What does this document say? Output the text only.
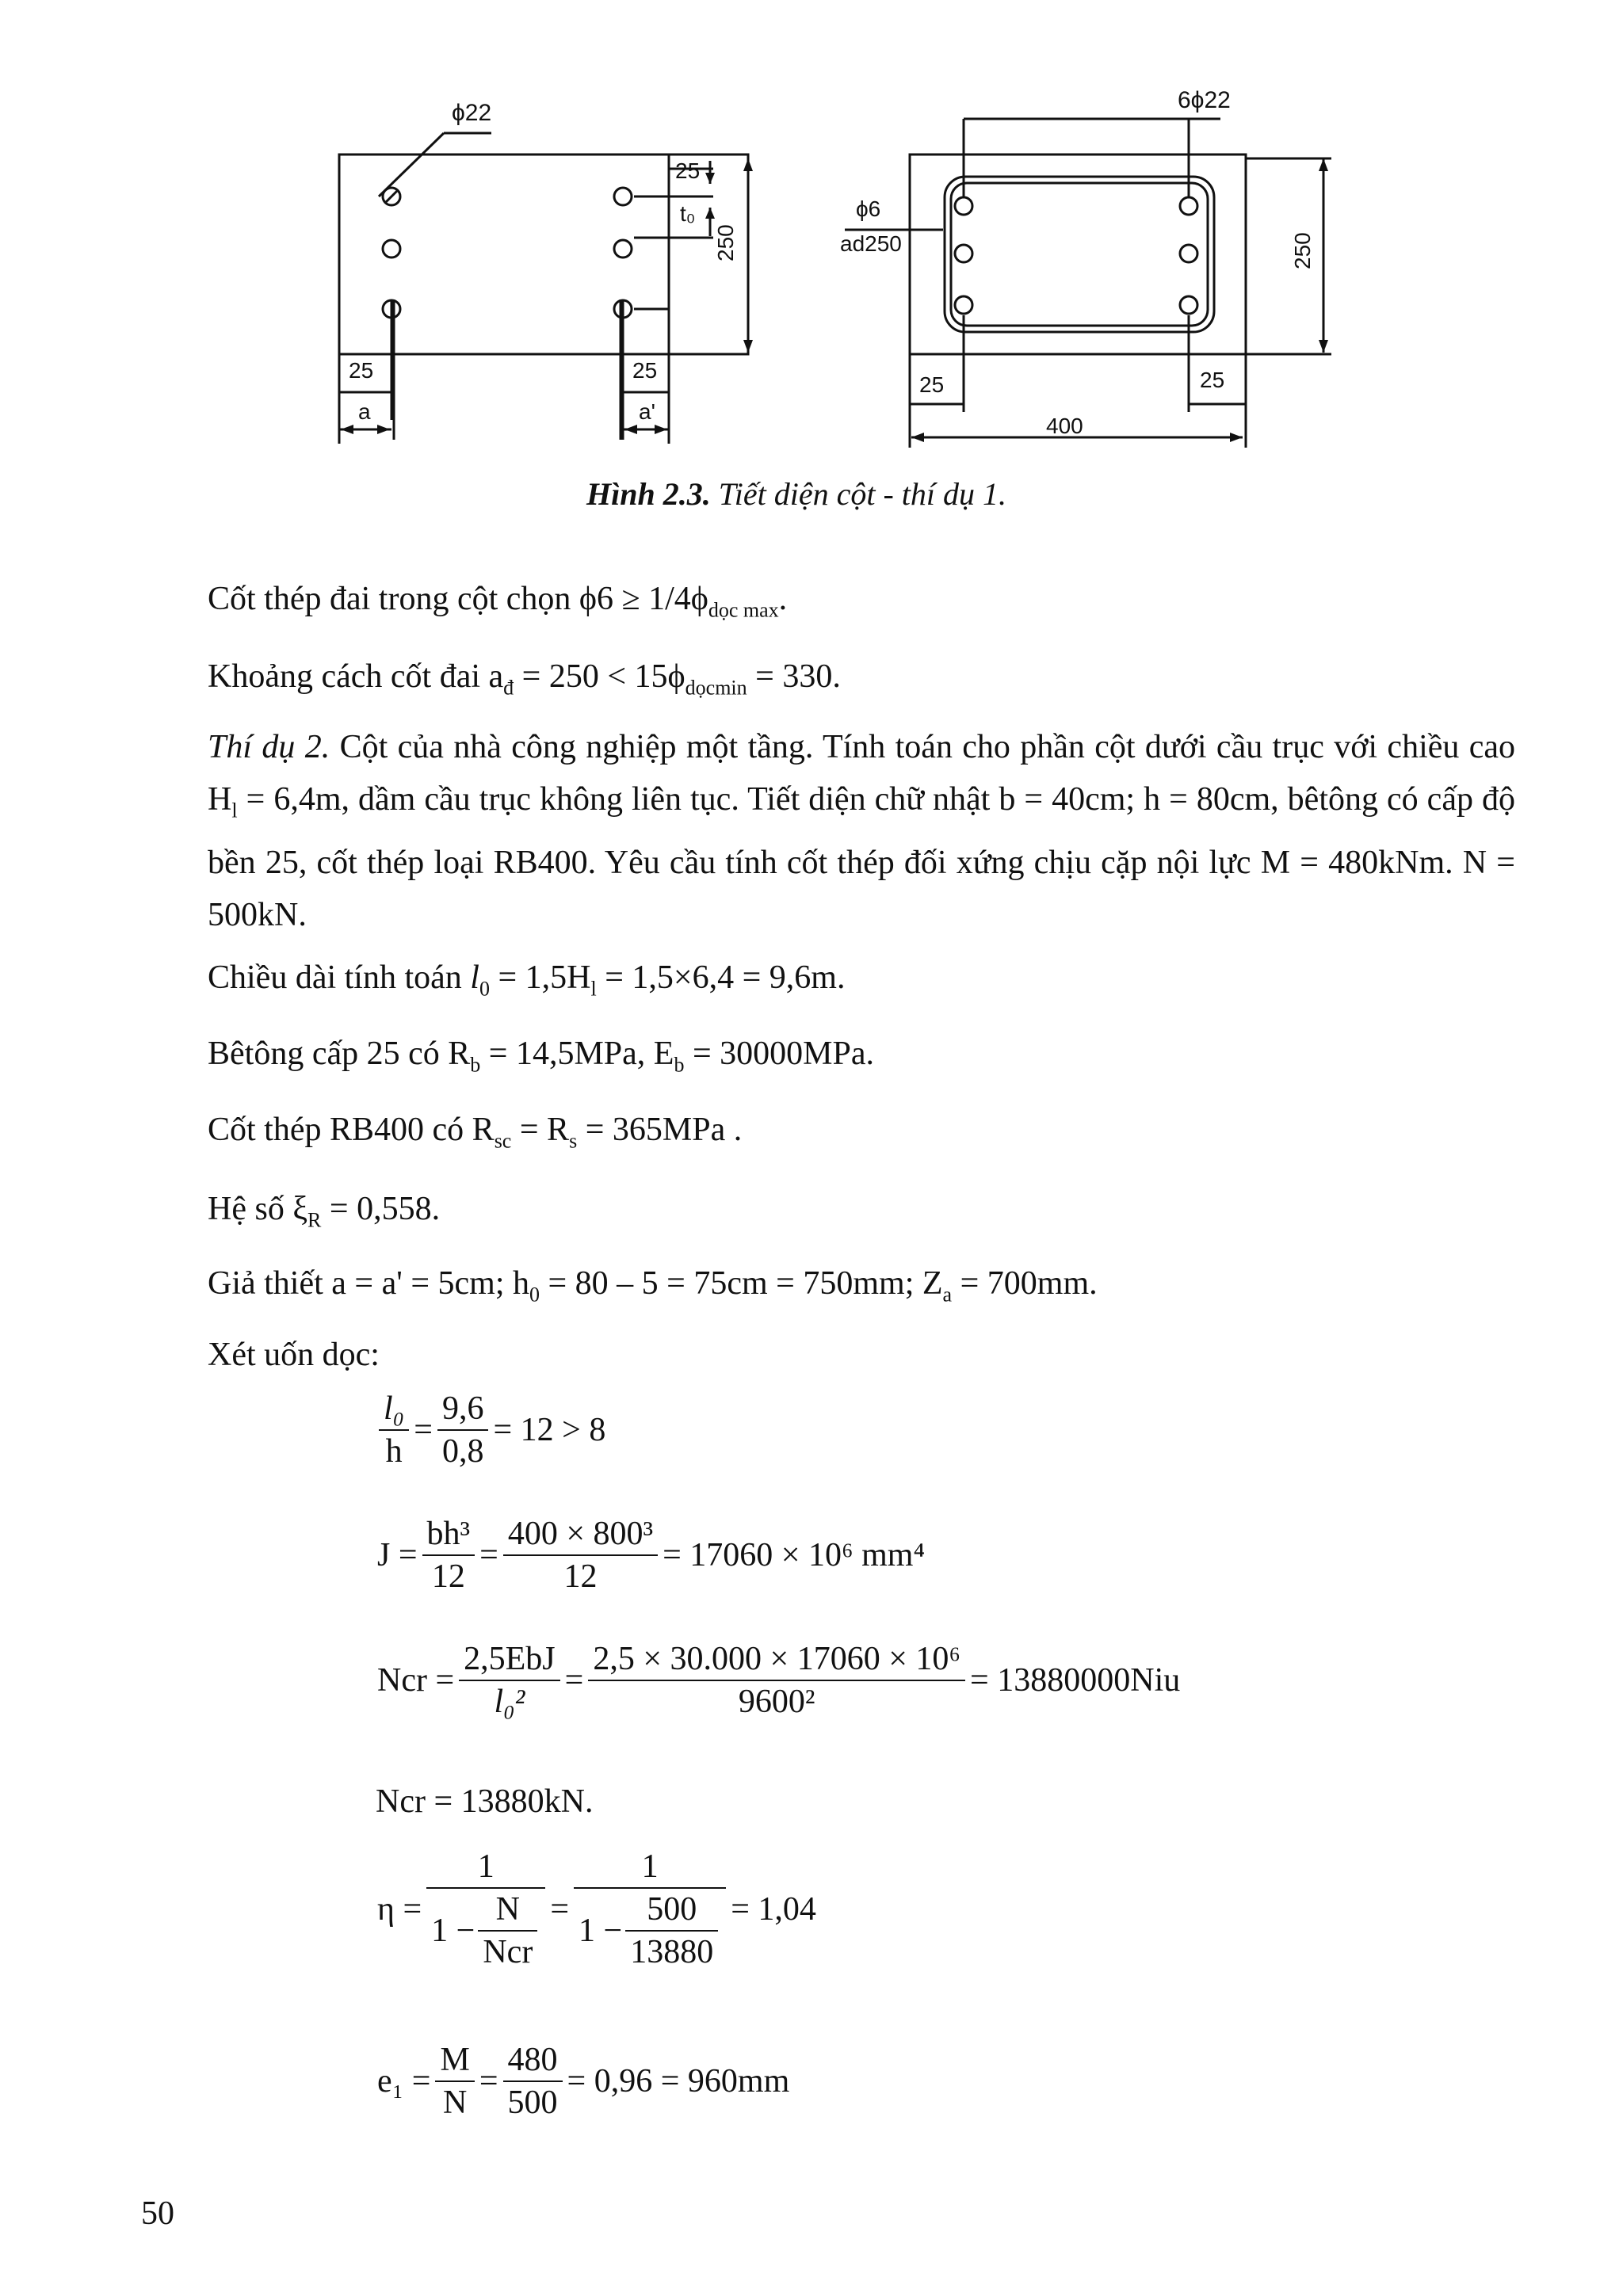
ϕ22
25
t₀
250
25
a
25
a'
6ϕ22
ϕ6
ad250	250
25	25
400
Hình 2.3. Tiết diện cột - thí dụ 1.
Cốt thép đai trong cột chọn $\phi 6 \ge 1/4\phi_{dọc max}$.
Khoảng cách cốt đai $a_đ = 250 < 15\phi_{dọcmin} = 330$.
Thí dụ 2. Cột của nhà công nghiệp một tầng. Tính toán cho phần cột dưới cầu trục với chiều cao $H_l = 6,4m$, dầm cầu trục không liên tục. Tiết diện chữ nhật b = 40cm; h = 80cm, bêtông có cấp độ bền 25, cốt thép loại RB400. Yêu cầu tính cốt thép đối xứng chịu cặp nội lực M = 480kNm. N = 500kN.
Chiều dài tính toán $l_0 = 1,5H_l = 1,5\times 6,4 = 9,6m$.
Bêtông cấp 25 có $R_b = 14,5MPa$, $E_b = 30000MPa$.
Cốt thép RB400 có $R_{sc} = R_s = 365MPa$ .
Hệ số $\xi_R = 0,558$.
Giả thiết a = a' = 5cm; $h_0 = 80 - 5 = 75cm = 750mm$; $Z_a = 700mm$.
Xét uốn dọc:
$\frac{\text{l₀}}{h} = \frac{9,6}{0,8} = 12 > 8$
$J = \frac{\text{bh³}}{12} = \frac{\text{400 × 800³}}{12} = 17060 \times 10^6$ mm⁴
Ncr = $\frac{\text{2,5EbJ}}{\text{l₀²}} = \frac{\text{2,5 × 30.000 × 17060 × 10⁶}}{\text{9600²}} = 13880000Niu$
Ncr = 13880kN.
$\eta = \frac{1}{1 - \frac{N}{\text{Ncr}}} = \frac{1}{1 - \frac{500}{13880}} = 1,04$
$e_1 = \frac{M}{N} = \frac{480}{500} = 0,96 = 960mm$
50
